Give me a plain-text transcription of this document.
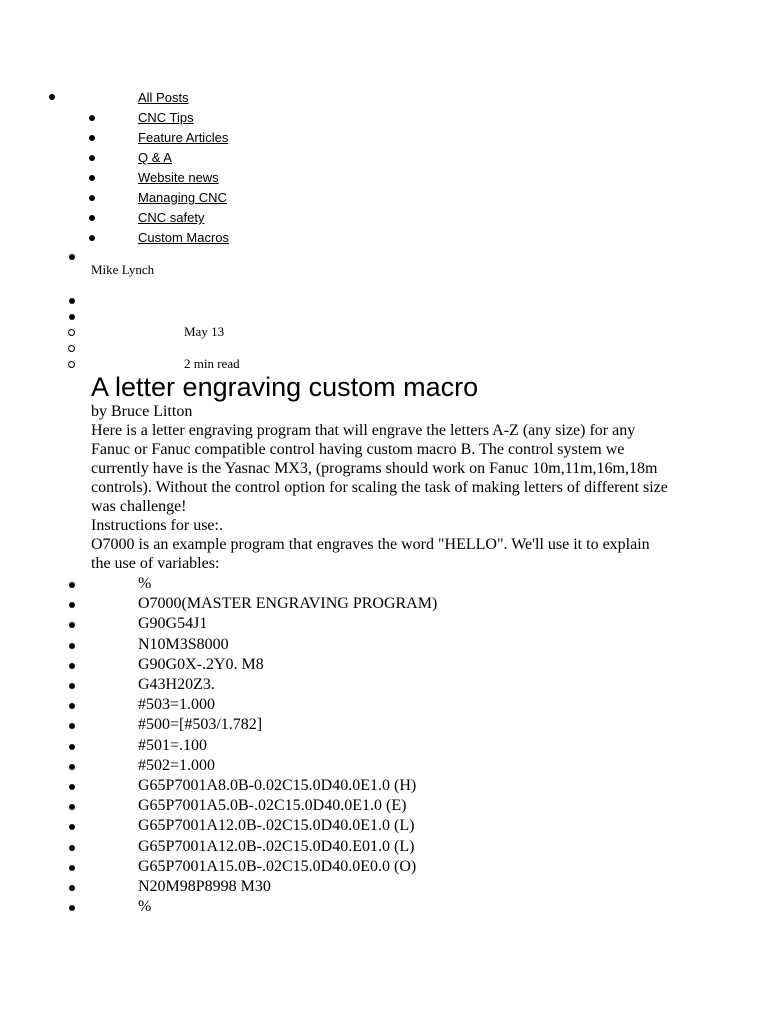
All Posts
CNC Tips
Feature Articles
Q & A
Website news
Managing CNC
CNC safety
Custom Macros
Mike Lynch
May 13
2 min read
A letter engraving custom macro
by Bruce Litton
Here is a letter engraving program that will engrave the letters A-Z (any size) for any Fanuc or Fanuc compatible control having custom macro B. The control system we currently have is the Yasnac MX3, (programs should work on Fanuc 10m,11m,16m,18m controls). Without the control option for scaling the task of making letters of different size was challenge!
Instructions for use:.
O7000 is an example program that engraves the word "HELLO". We'll use it to explain the use of variables:
%
O7000(MASTER ENGRAVING PROGRAM)
G90G54J1
N10M3S8000
G90G0X-.2Y0. M8
G43H20Z3.
#503=1.000
#500=[#503/1.782]
#501=.100
#502=1.000
G65P7001A8.0B-0.02C15.0D40.0E1.0 (H)
G65P7001A5.0B-.02C15.0D40.0E1.0 (E)
G65P7001A12.0B-.02C15.0D40.0E1.0 (L)
G65P7001A12.0B-.02C15.0D40.E01.0 (L)
G65P7001A15.0B-.02C15.0D40.0E0.0 (O)
N20M98P8998 M30
%
